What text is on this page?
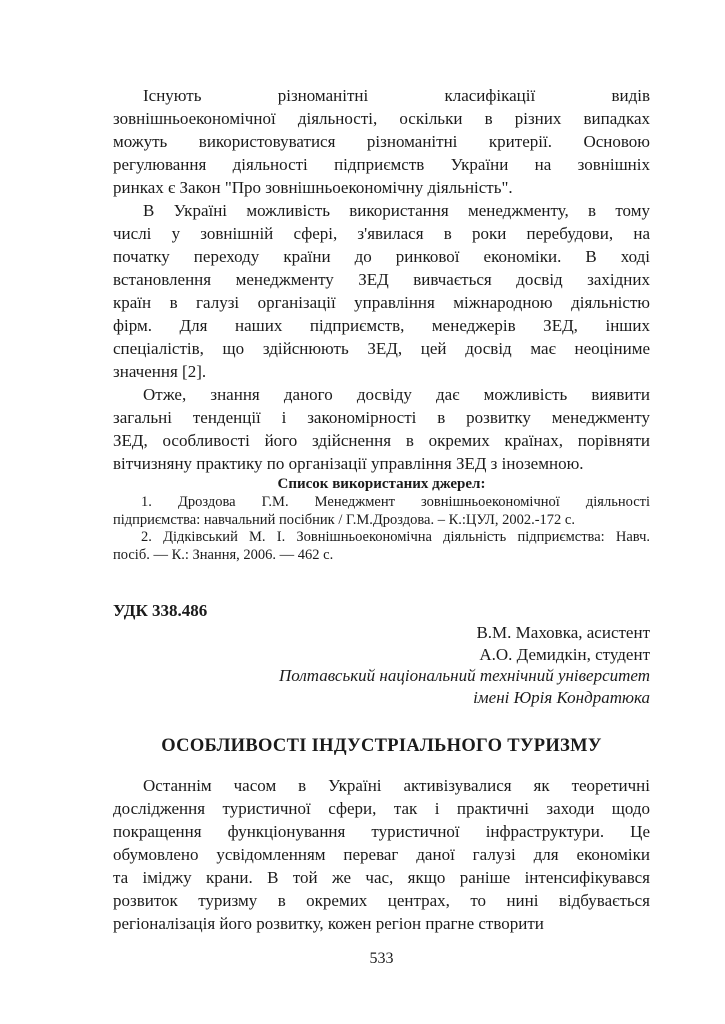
Існують різноманітні класифікації видів
зовнішньоекономічної діяльності, оскільки в різних випадках
можуть використовуватися різноманітні критерії. Основою
регулювання діяльності підприємств України на зовнішніх
ринках є Закон "Про зовнішньоекономічну діяльність".
В Україні можливість використання менеджменту, в тому
числі у зовнішній сфері, з'явилася в роки перебудови, на
початку переходу країни до ринкової економіки. В ході
встановлення менеджменту ЗЕД вивчається досвід західних
країн в галузі організації управління міжнародною діяльністю
фірм. Для наших підприємств, менеджерів ЗЕД, інших
спеціалістів, що здійснюють ЗЕД, цей досвід має неоціниме
значення [2].
Отже, знання даного досвіду дає можливість виявити
загальні тенденції і закономірності в розвитку менеджменту
ЗЕД, особливості його здійснення в окремих країнах, порівняти
вітчизняну практику по організації управління ЗЕД з іноземною.
Список використаних джерел:
1. Дроздова Г.М. Менеджмент зовнішньоекономічної діяльності
підприємства: навчальний посібник / Г.М.Дроздова. – К.:ЦУЛ, 2002.-172 с.
2. Дідківський М. І. Зовнішньоекономічна діяльність підприємства: Навч.
посіб. — К.: Знання, 2006. — 462 с.
УДК 338.486
В.М. Маховка, асистент
А.О. Демидкін, студент
Полтавський національний технічний університет
імені Юрія Кондратюка
ОСОБЛИВОСТІ ІНДУСТРІАЛЬНОГО ТУРИЗМУ
Останнім часом в Україні активізувалися як теоретичні
дослідження туристичної сфери, так і практичні заходи щодо
покращення функціонування туристичної інфраструктури. Це
обумовлено усвідомленням переваг даної галузі для економіки
та іміджу крани. В той же час, якщо раніше інтенсифікувався
розвиток туризму в окремих центрах, то нині відбувається
регіоналізація його розвитку, кожен регіон прагне створити
533
